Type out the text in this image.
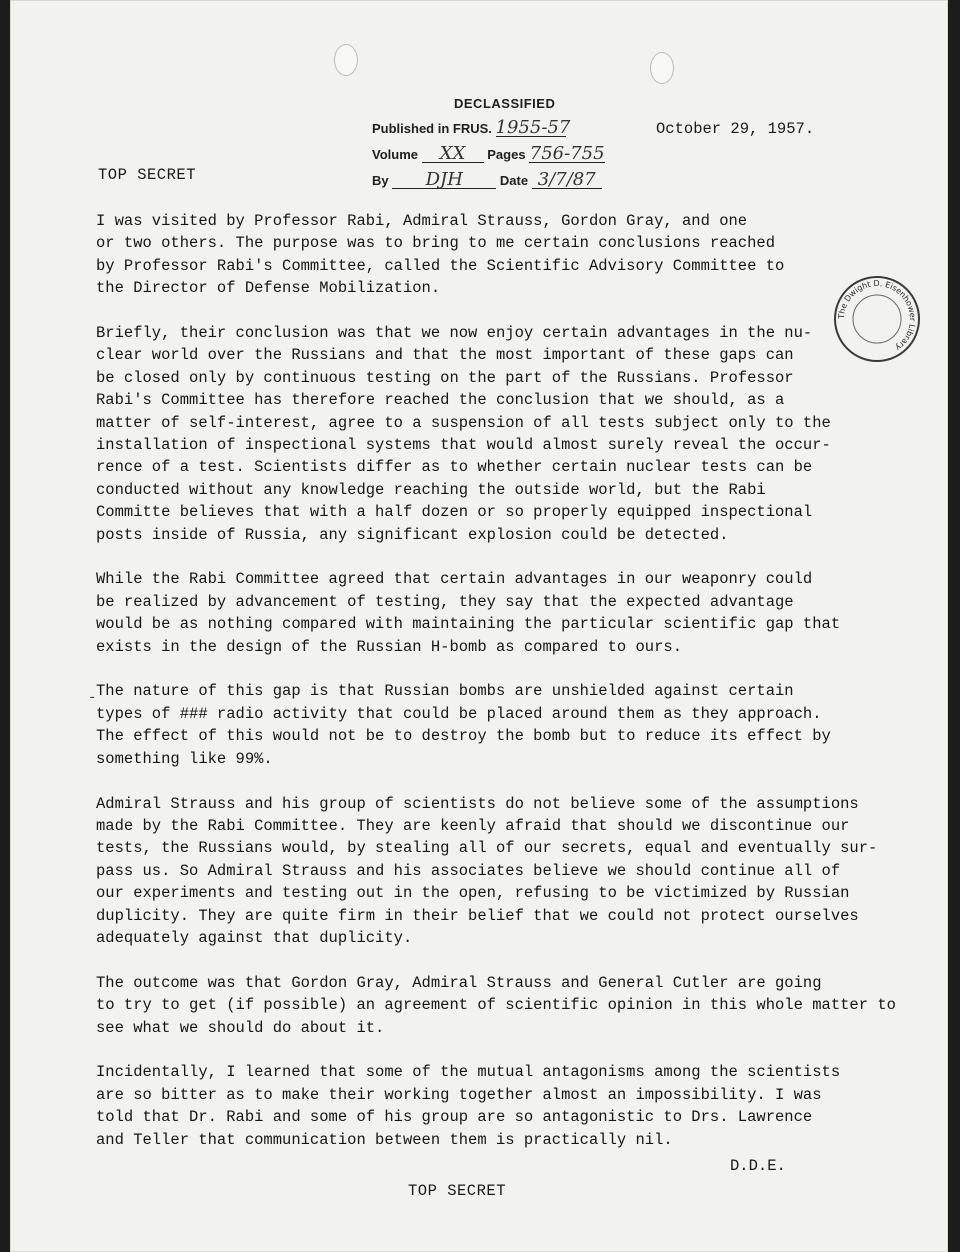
DECLASSIFIED
Published in FRUS. 1955-57
Volume XX Pages 756-755
By DJH	Date 3/7/87
October 29, 1957.
TOP SECRET
The Dwight D. Eisenhower Library
-

I was visited by Professor Rabi, Admiral Strauss, Gordon Gray, and one
or two others. The purpose was to bring to me certain conclusions reached
by Professor Rabi's Committee, called the Scientific Advisory Committee to
the Director of Defense Mobilization.

Briefly, their conclusion was that we now enjoy certain advantages in the nu-
clear world over the Russians and that the most important of these gaps can
be closed only by continuous testing on the part of the Russians. Professor
Rabi's Committee has therefore reached the conclusion that we should, as a
matter of self-interest, agree to a suspension of all tests subject only to the
installation of inspectional systems that would almost surely reveal the occur-
rence of a test. Scientists differ as to whether certain nuclear tests can be
conducted without any knowledge reaching the outside world, but the Rabi
Committe believes that with a half dozen or so properly equipped inspectional
posts inside of Russia, any significant explosion could be detected.

While the Rabi Committee agreed that certain advantages in our weaponry could
be realized by advancement of testing, they say that the expected advantage
would be as nothing compared with maintaining the particular scientific gap that
exists in the design of the Russian H-bomb as compared to ours.

The nature of this gap is that Russian bombs are unshielded against certain
types of ### radio activity that could be placed around them as they approach.
The effect of this would not be to destroy the bomb but to reduce its effect by
something like 99%.

Admiral Strauss and his group of scientists do not believe some of the assumptions
made by the Rabi Committee. They are keenly afraid that should we discontinue our
tests, the Russians would, by stealing all of our secrets, equal and eventually sur-
pass us. So Admiral Strauss and his associates believe we should continue all of
our experiments and testing out in the open, refusing to be victimized by Russian
duplicity. They are quite firm in their belief that we could not protect ourselves
adequately against that duplicity.

The outcome was that Gordon Gray, Admiral Strauss and General Cutler are going
to try to get (if possible) an agreement of scientific opinion in this whole matter to
see what we should do about it.

Incidentally, I learned that some of the mutual antagonisms among the scientists
are so bitter as to make their working together almost an impossibility. I was
told that Dr. Rabi and some of his group are so antagonistic to Drs. Lawrence
and Teller that communication between them is practically nil.

D.D.E.
TOP SECRET
